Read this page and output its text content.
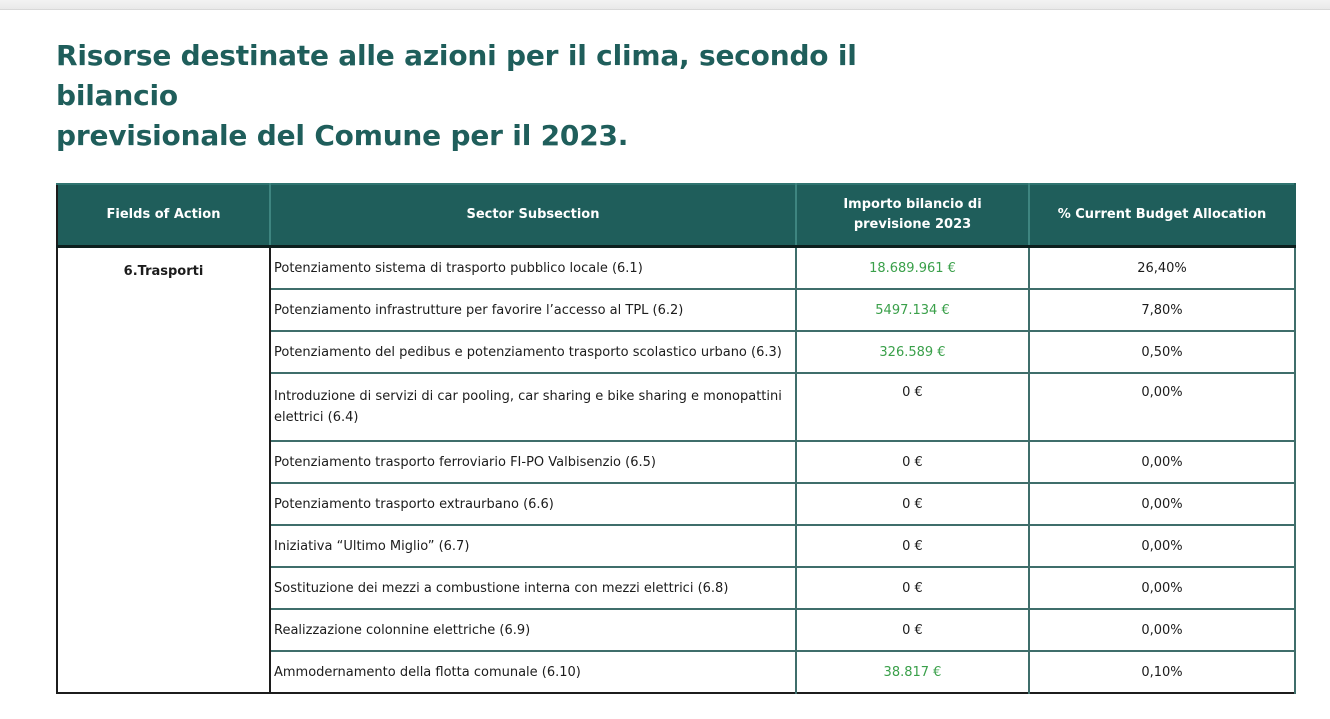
Risorse destinate alle azioni per il clima, secondo il bilancio
previsionale del Comune per il 2023.
Fields of Action	Sector Subsection	Importo bilancio di previsione 2023	% Current Budget Allocation
6.Trasporti	Potenziamento sistema di trasporto pubblico locale (6.1)	18.689.961 €	26,40%
	Potenziamento infrastrutture per favorire l’accesso al TPL (6.2)	5497.134 €	7,80%
	Potenziamento del pedibus e potenziamento trasporto scolastico urbano (6.3)	326.589 €	0,50%
	Introduzione di servizi di car pooling, car sharing e bike sharing e monopattini elettrici (6.4)	0 €	0,00%
	Potenziamento trasporto ferroviario FI-PO Valbisenzio (6.5)	0 €	0,00%
	Potenziamento trasporto extraurbano (6.6)	0 €	0,00%
	Iniziativa “Ultimo Miglio” (6.7)	0 €	0,00%
	Sostituzione dei mezzi a combustione interna con mezzi elettrici (6.8)	0 €	0,00%
	Realizzazione colonnine elettriche (6.9)	0 €	0,00%
	Ammodernamento della flotta comunale (6.10)	38.817 €	0,10%
